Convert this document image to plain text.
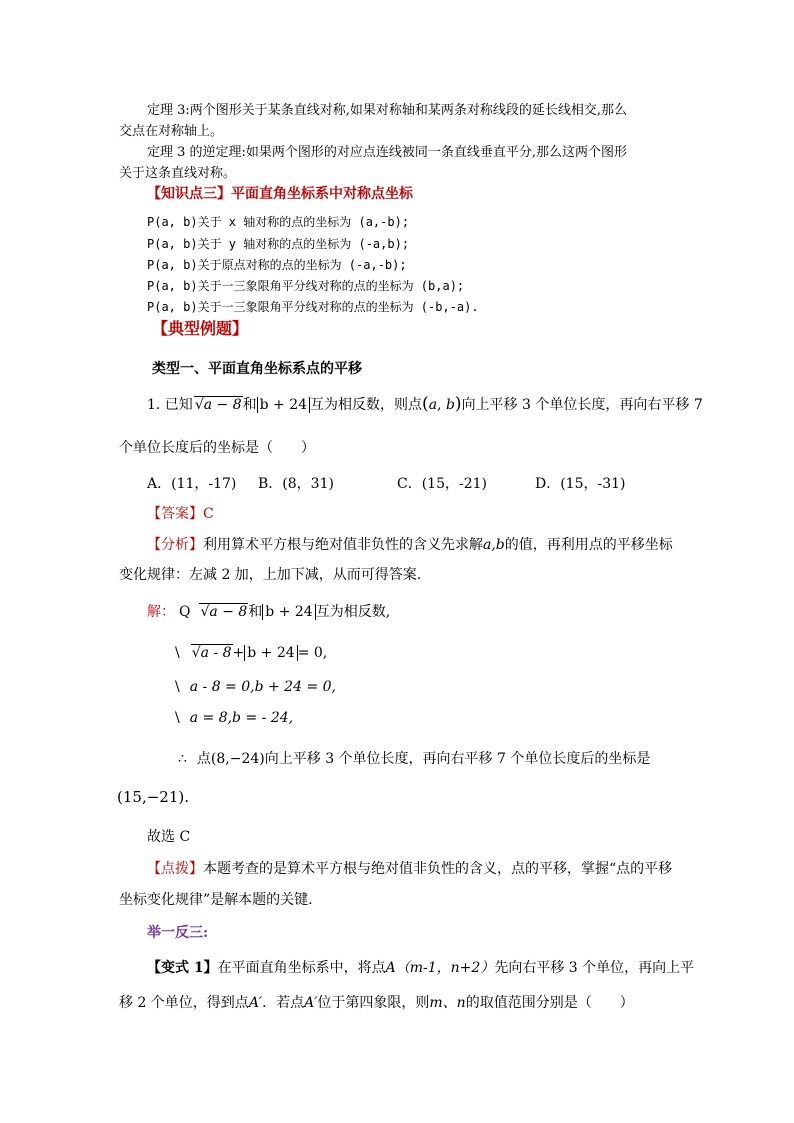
定理 3:两个图形关于某条直线对称,如果对称轴和某两条对称线段的延长线相交,那么
交点在对称轴上。
定理 3 的逆定理:如果两个图形的对应点连线被同一条直线垂直平分,那么这两个图形
关于这条直线对称。
【知识点三】平面直角坐标系中对称点坐标
P(a, b)关于 x 轴对称的点的坐标为 (a,-b);
P(a, b)关于 y 轴对称的点的坐标为 (-a,b);
P(a, b)关于原点对称的点的坐标为 (-a,-b);
P(a, b)关于一三象限角平分线对称的点的坐标为 (b,a);
P(a, b)关于一三象限角平分线对称的点的坐标为 (-b,-a).
【典型例题】
类型一、平面直角坐标系点的平移
1. 已知 √a − 8和 b + 24 互为相反数，则点(a, b)向上平移 3 个单位长度，再向右平移 7
个单位长度后的坐标是（　　）
A．(11，-17) B．(8，31)	C．(15，-21)	D．(15，-31)
【答案】C
【分析】利用算术平方根与绝对值非负性的含义先求解a,b的值，再利用点的平移坐标
变化规律：左减 2 加，上加下减，从而可得答案.
解： Q √a − 8和 b + 24 互为相反数,
\ √a - 8+ b + 24 = 0,
\ a - 8 = 0,b + 24 = 0,
\ a = 8,b = - 24,
∴ 点(8,−24)向上平移 3 个单位长度，再向右平移 7 个单位长度后的坐标是
(15,−21).
故选 C
【点拨】本题考查的是算术平方根与绝对值非负性的含义，点的平移，掌握“点的平移
坐标变化规律”是解本题的关键.
举一反三:
【变式 1】在平面直角坐标系中，将点A（m-1，n+2）先向右平移 3 个单位，再向上平
移 2 个单位，得到点A′．若点A′位于第四象限，则m、n的取值范围分别是（　　）
